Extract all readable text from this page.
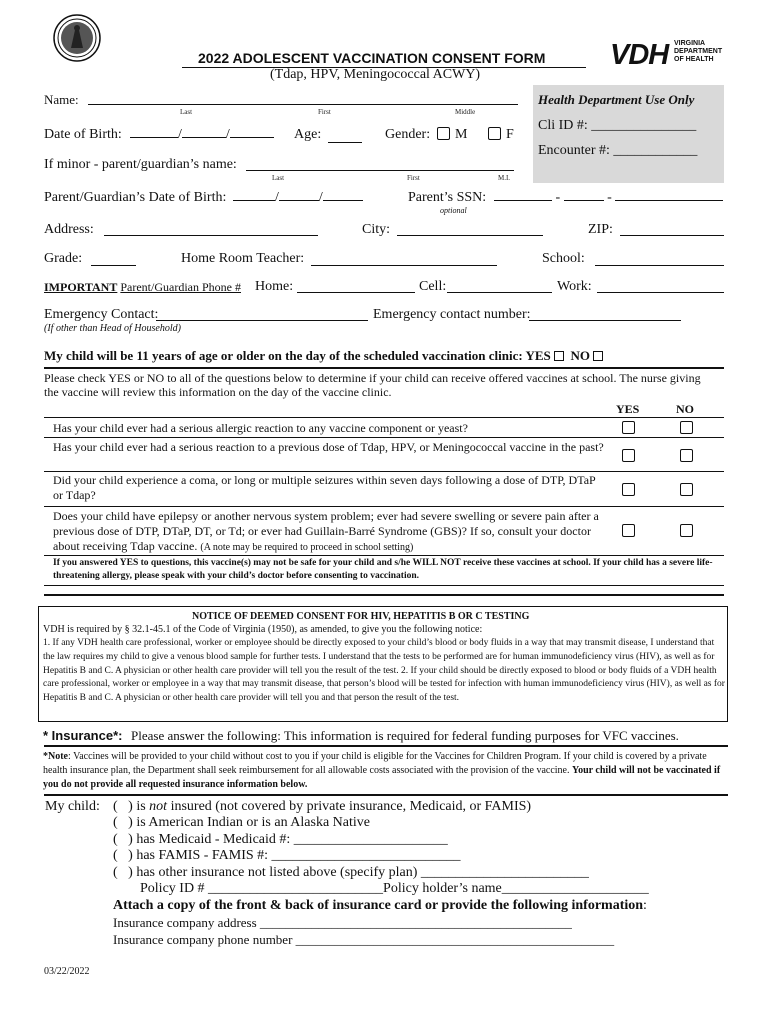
VDH VIRGINIA
DEPARTMENT
OF HEALTH
2022 ADOLESCENT VACCINATION CONSENT FORM
(Tdap, HPV, Meningococcal ACWY)
Health Department Use Only
Cli ID #: _______________
Encounter #: ____________
Name:
Last	First	Middle
Date of Birth:	/	/	Age:	Gender: M	F
If minor - parent/guardian’s name:
Last	First	M.I.
Parent/Guardian’s Date of Birth:	/	/	Parent’s SSN:	-	-
optional
Address:	City:	ZIP:
Grade:	Home Room Teacher:	School:
IMPORTANT Parent/Guardian Phone # Home:	Cell:	Work:
Emergency Contact:	Emergency contact number:
(If other than Head of Household)
My child will be 11 years of age or older on the day of the scheduled vaccination clinic: YES NO
Please check YES or NO to all of the questions below to determine if your child can receive offered vaccines at school. The nurse giving the vaccine will review this information on the day of the vaccine clinic.
YES	NO
Has your child ever had a serious allergic reaction to any vaccine component or yeast?
Has your child ever had a serious reaction to a previous dose of Tdap, HPV, or Meningococcal vaccine in the past?
Did your child experience a coma, or long or multiple seizures within seven days following a dose of DTP, DTaP or Tdap?
Does your child have epilepsy or another nervous system problem; ever had severe swelling or severe pain after a previous dose of DTP, DTaP, DT, or Td; or ever had Guillain-Barré Syndrome (GBS)? If so, consult your doctor about receiving Tdap vaccine. (A note may be required to proceed in school setting)
If you answered YES to questions, this vaccine(s) may not be safe for your child and s/he WILL NOT receive these vaccines at school. If your child has a severe life-threatening allergy, please speak with your child’s doctor before consenting to vaccination.
NOTICE OF DEEMED CONSENT FOR HIV, HEPATITIS B OR C TESTING
VDH is required by § 32.1-45.1 of the Code of Virginia (1950), as amended, to give you the following notice:
1. If any VDH health care professional, worker or employee should be directly exposed to your child’s blood or body fluids in a way that may transmit disease, I understand that the law requires my child to give a venous blood sample for further tests. I understand that the tests to be performed are for human immunodeficiency virus (HIV), as well as for Hepatitis B and C. A physician or other health care provider will tell you the result of the test. 2. If your child should be directly exposed to blood or body fluids of a VDH health care professional, worker or employee in a way that may transmit disease, that person’s blood will be tested for infection with human immunodeficiency virus (HIV), as well as for Hepatitis B and C. A physician or other health care provider will tell you and that person the result of the test.
* Insurance*: Please answer the following: This information is required for federal funding purposes for VFC vaccines.
*Note: Vaccines will be provided to your child without cost to you if your child is eligible for the Vaccines for Children Program. If your child is covered by a private health insurance plan, the Department shall seek reimbursement for all allowable costs associated with the provision of the vaccine. Your child will not be vaccinated if you do not provide all requested insurance information below.
My child: (   ) is not insured (not covered by private insurance, Medicaid, or FAMIS)
(   ) is American Indian or is an Alaska Native
(   ) has Medicaid - Medicaid #: ______________________
(   ) has FAMIS - FAMIS #: ___________________________
(   ) has other insurance not listed above (specify plan) ________________________
Policy ID # _________________________Policy holder’s name_____________________
Attach a copy of the front & back of insurance card or provide the following information:
Insurance company address ________________________________________________
Insurance company phone number _________________________________________________
03/22/2022
